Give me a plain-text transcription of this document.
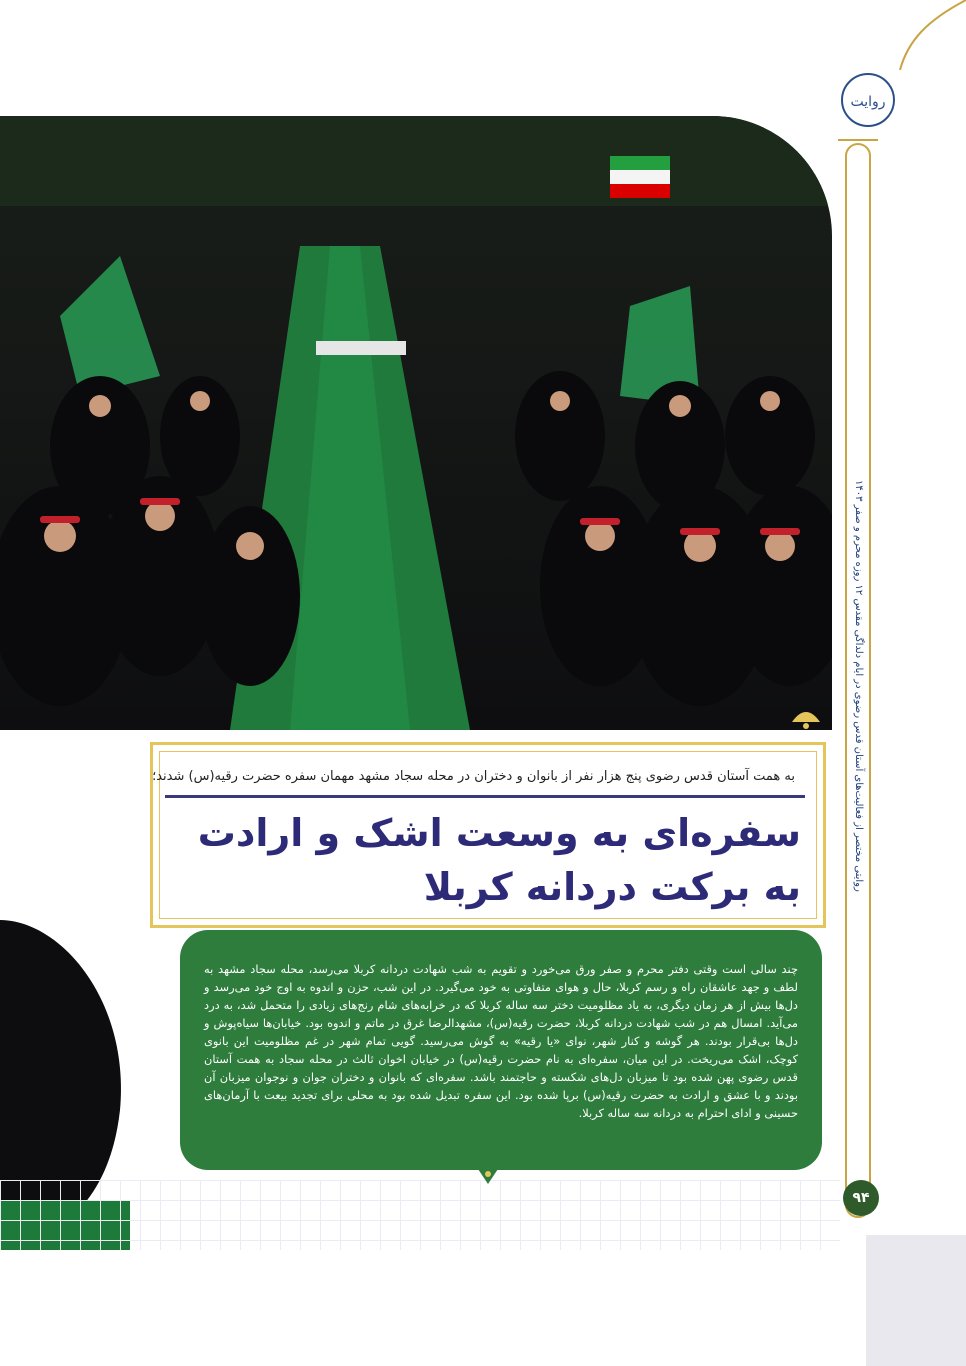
روایت
روایتی مختصر از فعالیت‌های آستان قدس رضوی در ایام دلداگی مقدس ۱۲ روزه محرم و صفر ۱۴۰۳
به همت آستان قدس رضوی پنج هزار نفر از بانوان و دختران در محله سجاد مشهد مهمان سفره حضرت رقیه(س) شدند؛
سفره‌ای به وسعت اشک و ارادت
به برکت دردانه کربلا
چند سالی است وقتی دفتر محرم و صفر ورق می‌خورد و تقویم به شب شهادت دردانه کربلا می‌رسد، محله سجاد مشهد به لطف و جهد عاشقان راه و رسم کربلا، حال و هوای متفاوتی به خود می‌گیرد. در این شب، حزن و اندوه به اوج خود می‌رسد و دل‌ها بیش از هر زمان دیگری، به یاد مظلومیت دختر سه ساله کربلا که در خرابه‌های شام رنج‌های زیادی را متحمل شد، به درد می‌آید. امسال هم در شب شهادت دردانه کربلا، حضرت رقیه(س)، مشهدالرضا غرق در ماتم و اندوه بود. خیابان‌ها سیاه‌پوش و دل‌ها بی‌قرار بودند. هر گوشه و کنار شهر، نوای «یا رقیه» به گوش می‌رسید. گویی تمام شهر در غم مظلومیت این بانوی کوچک، اشک می‌ریخت. در این میان، سفره‌ای به نام حضرت رقیه(س) در خیابان اخوان ثالث در محله سجاد به همت آستان قدس رضوی پهن شده بود تا میزبان دل‌های شکسته و حاجتمند باشد. سفره‌ای که بانوان و دختران جوان و نوجوان میزبان آن بودند و با عشق و ارادت به حضرت رقیه(س) برپا شده بود. این سفره تبدیل شده بود به محلی برای تجدید بیعت با آرمان‌های حسینی و ادای احترام به دردانه سه ساله کربلا.
۹۴
